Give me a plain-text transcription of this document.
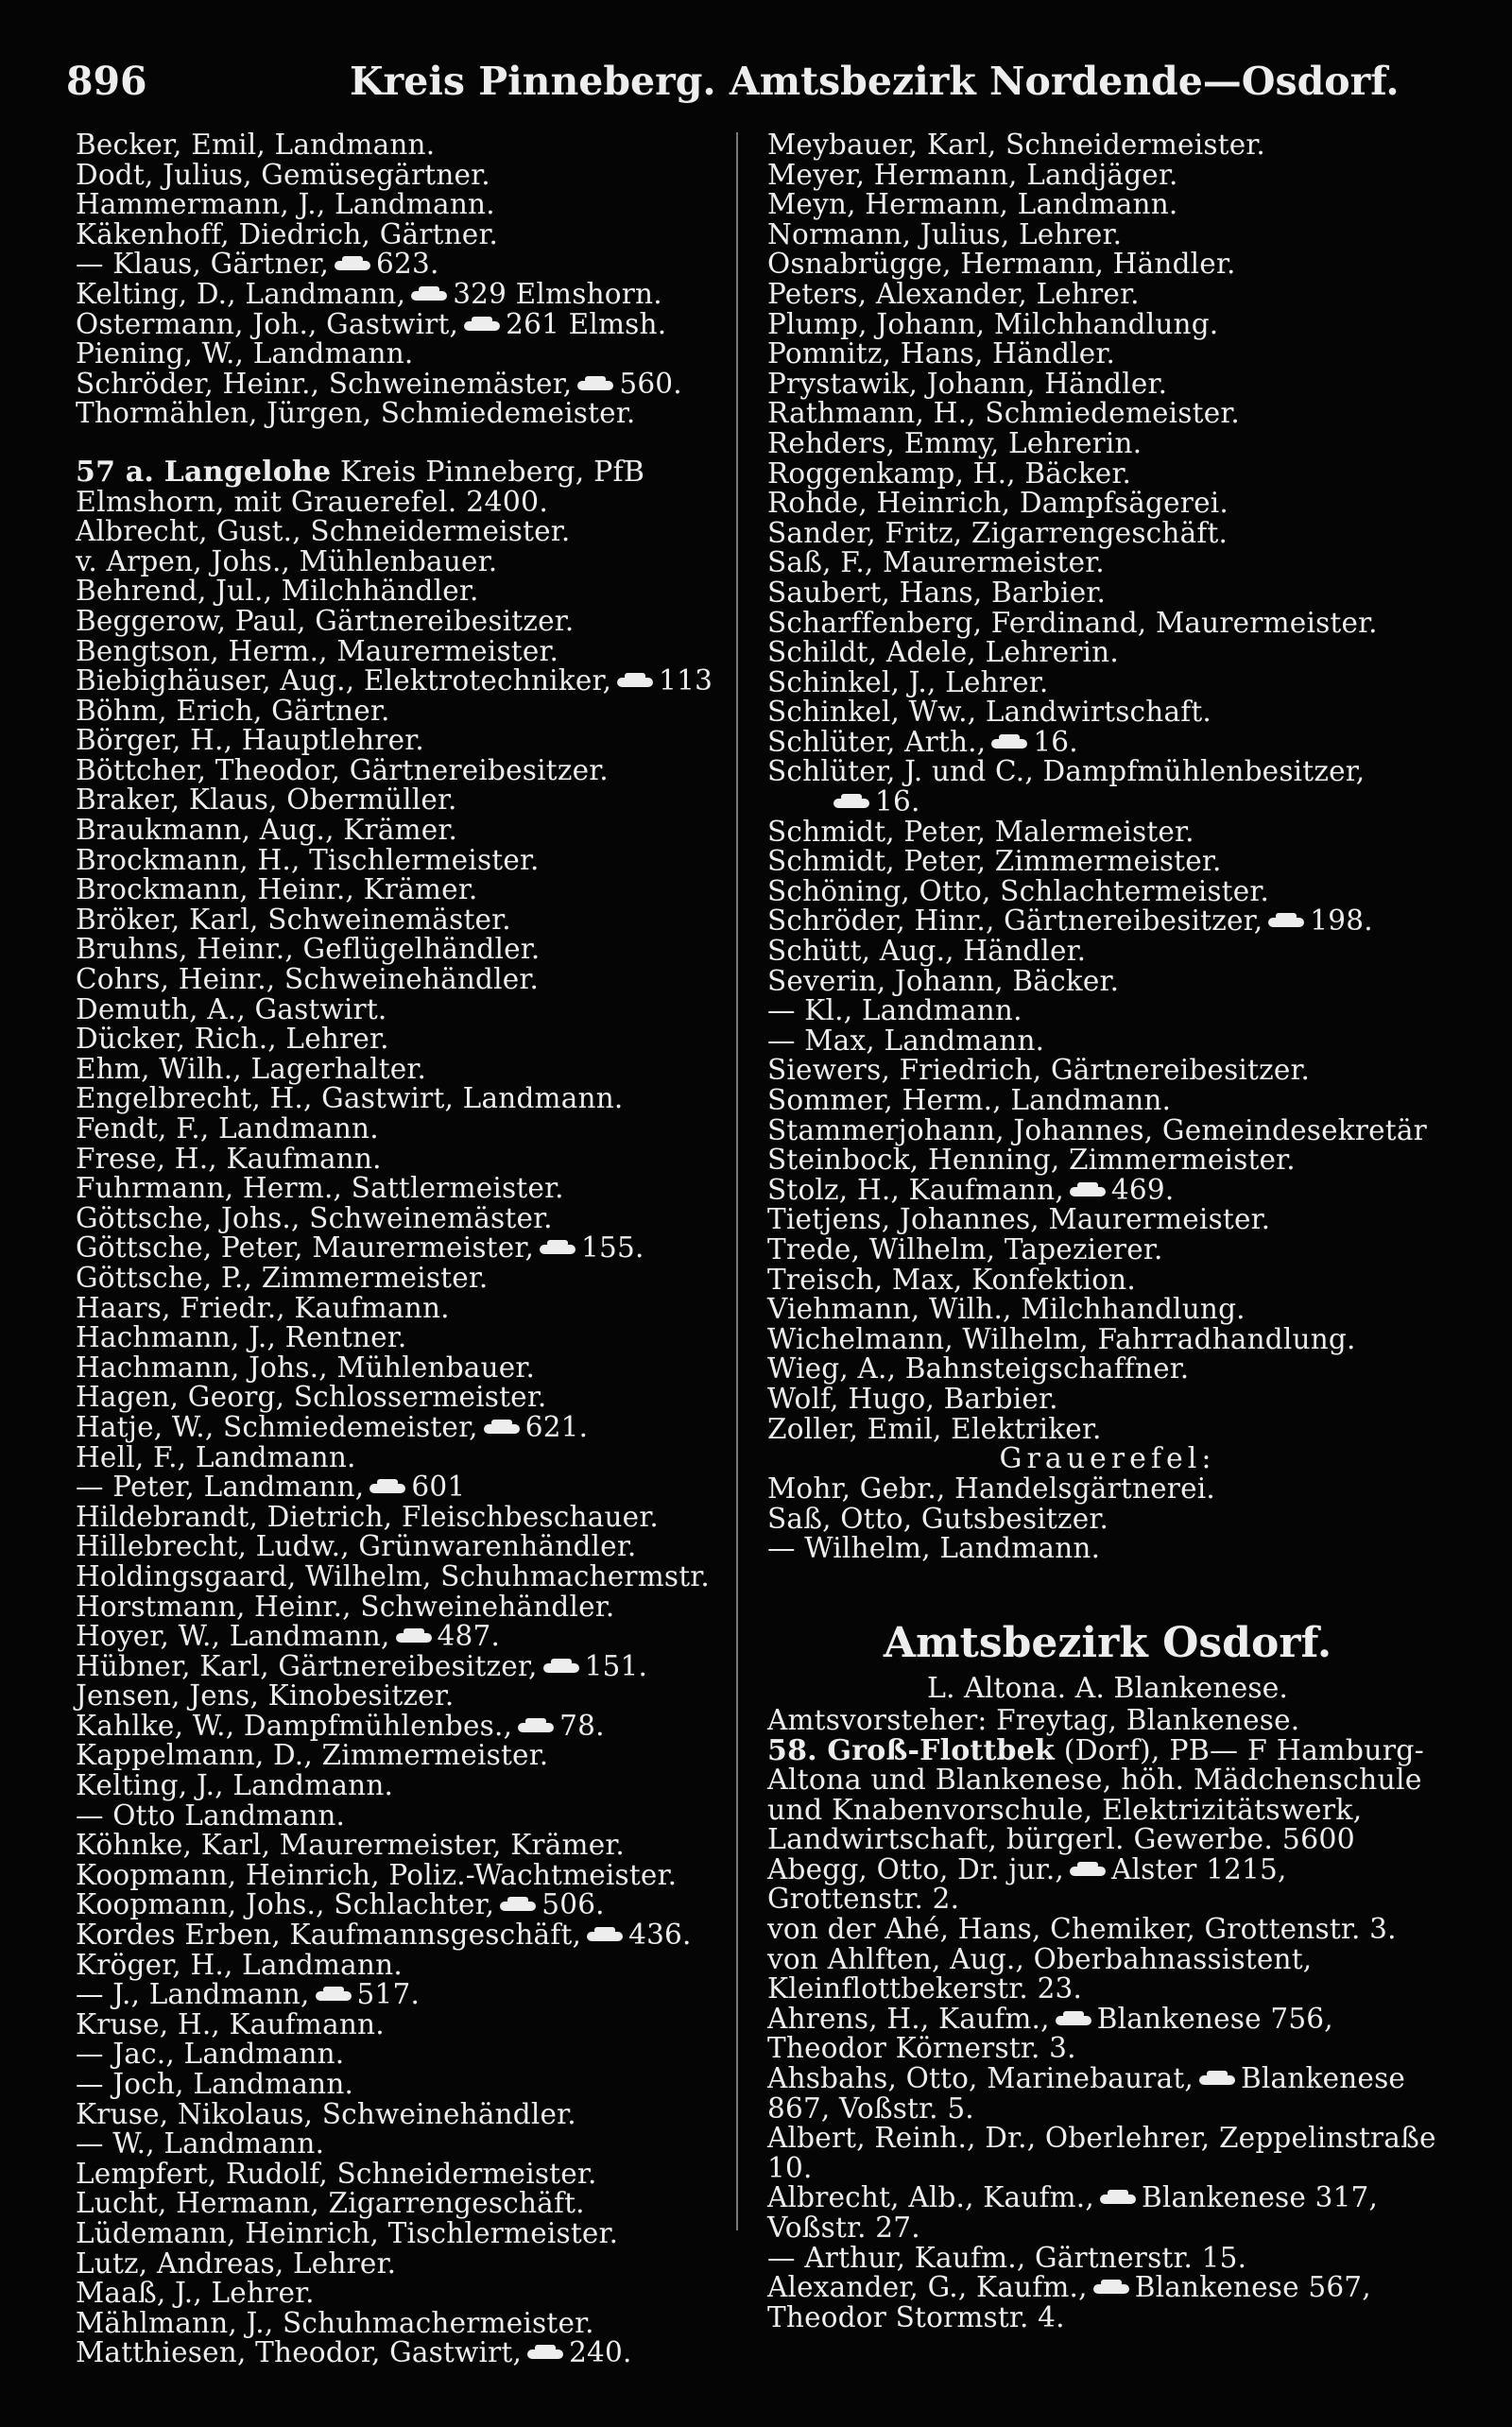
896	Kreis Pinneberg. Amtsbezirk Nordende—Osdorf.
Becker, Emil, Landmann.
Dodt, Julius, Gemüsegärtner.
Hammermann, J., Landmann.
Käkenhoff, Diedrich, Gärtner.
— Klaus, Gärtner, 623.
Kelting, D., Landmann, 329 Elmshorn.
Ostermann, Joh., Gastwirt, 261 Elmsh.
Piening, W., Landmann.
Schröder, Heinr., Schweinemäster, 560.
Thormählen, Jürgen, Schmiedemeister.
57 a. Langelohe Kreis Pinneberg, PfB Elmshorn, mit Grauerefel. 2400.
Albrecht, Gust., Schneidermeister.
v. Arpen, Johs., Mühlenbauer.
Behrend, Jul., Milchhändler.
Beggerow, Paul, Gärtnereibesitzer.
Bengtson, Herm., Maurermeister.
Biebighäuser, Aug., Elektrotechniker, 113
Böhm, Erich, Gärtner.
Börger, H., Hauptlehrer.
Böttcher, Theodor, Gärtnereibesitzer.
Braker, Klaus, Obermüller.
Braukmann, Aug., Krämer.
Brockmann, H., Tischlermeister.
Brockmann, Heinr., Krämer.
Bröker, Karl, Schweinemäster.
Bruhns, Heinr., Geflügelhändler.
Cohrs, Heinr., Schweinehändler.
Demuth, A., Gastwirt.
Dücker, Rich., Lehrer.
Ehm, Wilh., Lagerhalter.
Engelbrecht, H., Gastwirt, Landmann.
Fendt, F., Landmann.
Frese, H., Kaufmann.
Fuhrmann, Herm., Sattlermeister.
Göttsche, Johs., Schweinemäster.
Göttsche, Peter, Maurermeister, 155.
Göttsche, P., Zimmermeister.
Haars, Friedr., Kaufmann.
Hachmann, J., Rentner.
Hachmann, Johs., Mühlenbauer.
Hagen, Georg, Schlossermeister.
Hatje, W., Schmiedemeister, 621.
Hell, F., Landmann.
— Peter, Landmann, 601
Hildebrandt, Dietrich, Fleischbeschauer.
Hillebrecht, Ludw., Grünwarenhändler.
Holdingsgaard, Wilhelm, Schuhmachermstr.
Horstmann, Heinr., Schweinehändler.
Hoyer, W., Landmann, 487.
Hübner, Karl, Gärtnereibesitzer, 151.
Jensen, Jens, Kinobesitzer.
Kahlke, W., Dampfmühlenbes., 78.
Kappelmann, D., Zimmermeister.
Kelting, J., Landmann.
— Otto Landmann.
Köhnke, Karl, Maurermeister, Krämer.
Koopmann, Heinrich, Poliz.-Wachtmeister.
Koopmann, Johs., Schlachter, 506.
Kordes Erben, Kaufmannsgeschäft, 436.
Kröger, H., Landmann.
— J., Landmann, 517.
Kruse, H., Kaufmann.
— Jac., Landmann.
— Joch, Landmann.
Kruse, Nikolaus, Schweinehändler.
— W., Landmann.
Lempfert, Rudolf, Schneidermeister.
Lucht, Hermann, Zigarrengeschäft.
Lüdemann, Heinrich, Tischlermeister.
Lutz, Andreas, Lehrer.
Maaß, J., Lehrer.
Mählmann, J., Schuhmachermeister.
Matthiesen, Theodor, Gastwirt, 240.
Meybauer, Karl, Schneidermeister.
Meyer, Hermann, Landjäger.
Meyn, Hermann, Landmann.
Normann, Julius, Lehrer.
Osnabrügge, Hermann, Händler.
Peters, Alexander, Lehrer.
Plump, Johann, Milchhandlung.
Pomnitz, Hans, Händler.
Prystawik, Johann, Händler.
Rathmann, H., Schmiedemeister.
Rehders, Emmy, Lehrerin.
Roggenkamp, H., Bäcker.
Rohde, Heinrich, Dampfsägerei.
Sander, Fritz, Zigarrengeschäft.
Saß, F., Maurermeister.
Saubert, Hans, Barbier.
Scharffenberg, Ferdinand, Maurermeister.
Schildt, Adele, Lehrerin.
Schinkel, J., Lehrer.
Schinkel, Ww., Landwirtschaft.
Schlüter, Arth., 16.
Schlüter, J. und C., Dampfmühlenbesitzer,
16.
Schmidt, Peter, Malermeister.
Schmidt, Peter, Zimmermeister.
Schöning, Otto, Schlachtermeister.
Schröder, Hinr., Gärtnereibesitzer, 198.
Schütt, Aug., Händler.
Severin, Johann, Bäcker.
— Kl., Landmann.
— Max, Landmann.
Siewers, Friedrich, Gärtnereibesitzer.
Sommer, Herm., Landmann.
Stammerjohann, Johannes, Gemeindesekretär
Steinbock, Henning, Zimmermeister.
Stolz, H., Kaufmann, 469.
Tietjens, Johannes, Maurermeister.
Trede, Wilhelm, Tapezierer.
Treisch, Max, Konfektion.
Viehmann, Wilh., Milchhandlung.
Wichelmann, Wilhelm, Fahrradhandlung.
Wieg, A., Bahnsteigschaffner.
Wolf, Hugo, Barbier.
Zoller, Emil, Elektriker.
Grauerefel:
Mohr, Gebr., Handelsgärtnerei.
Saß, Otto, Gutsbesitzer.
— Wilhelm, Landmann.
Amtsbezirk Osdorf.
L. Altona. A. Blankenese.
Amtsvorsteher: Freytag, Blankenese.
58. Groß-Flottbek (Dorf), PB— F Hamburg-Altona und Blankenese, höh. Mädchenschule und Knabenvorschule, Elektrizitätswerk, Landwirtschaft, bürgerl. Gewerbe. 5600
Abegg, Otto, Dr. jur., Alster 1215, Grottenstr. 2.
von der Ahé, Hans, Chemiker, Grottenstr. 3.
von Ahlften, Aug., Oberbahnassistent, Kleinflottbekerstr. 23.
Ahrens, H., Kaufm., Blankenese 756, Theodor Körnerstr. 3.
Ahsbahs, Otto, Marinebaurat, Blankenese 867, Voßstr. 5.
Albert, Reinh., Dr., Oberlehrer, Zeppelinstraße 10.
Albrecht, Alb., Kaufm., Blankenese 317, Voßstr. 27.
— Arthur, Kaufm., Gärtnerstr. 15.
Alexander, G., Kaufm., Blankenese 567, Theodor Stormstr. 4.
